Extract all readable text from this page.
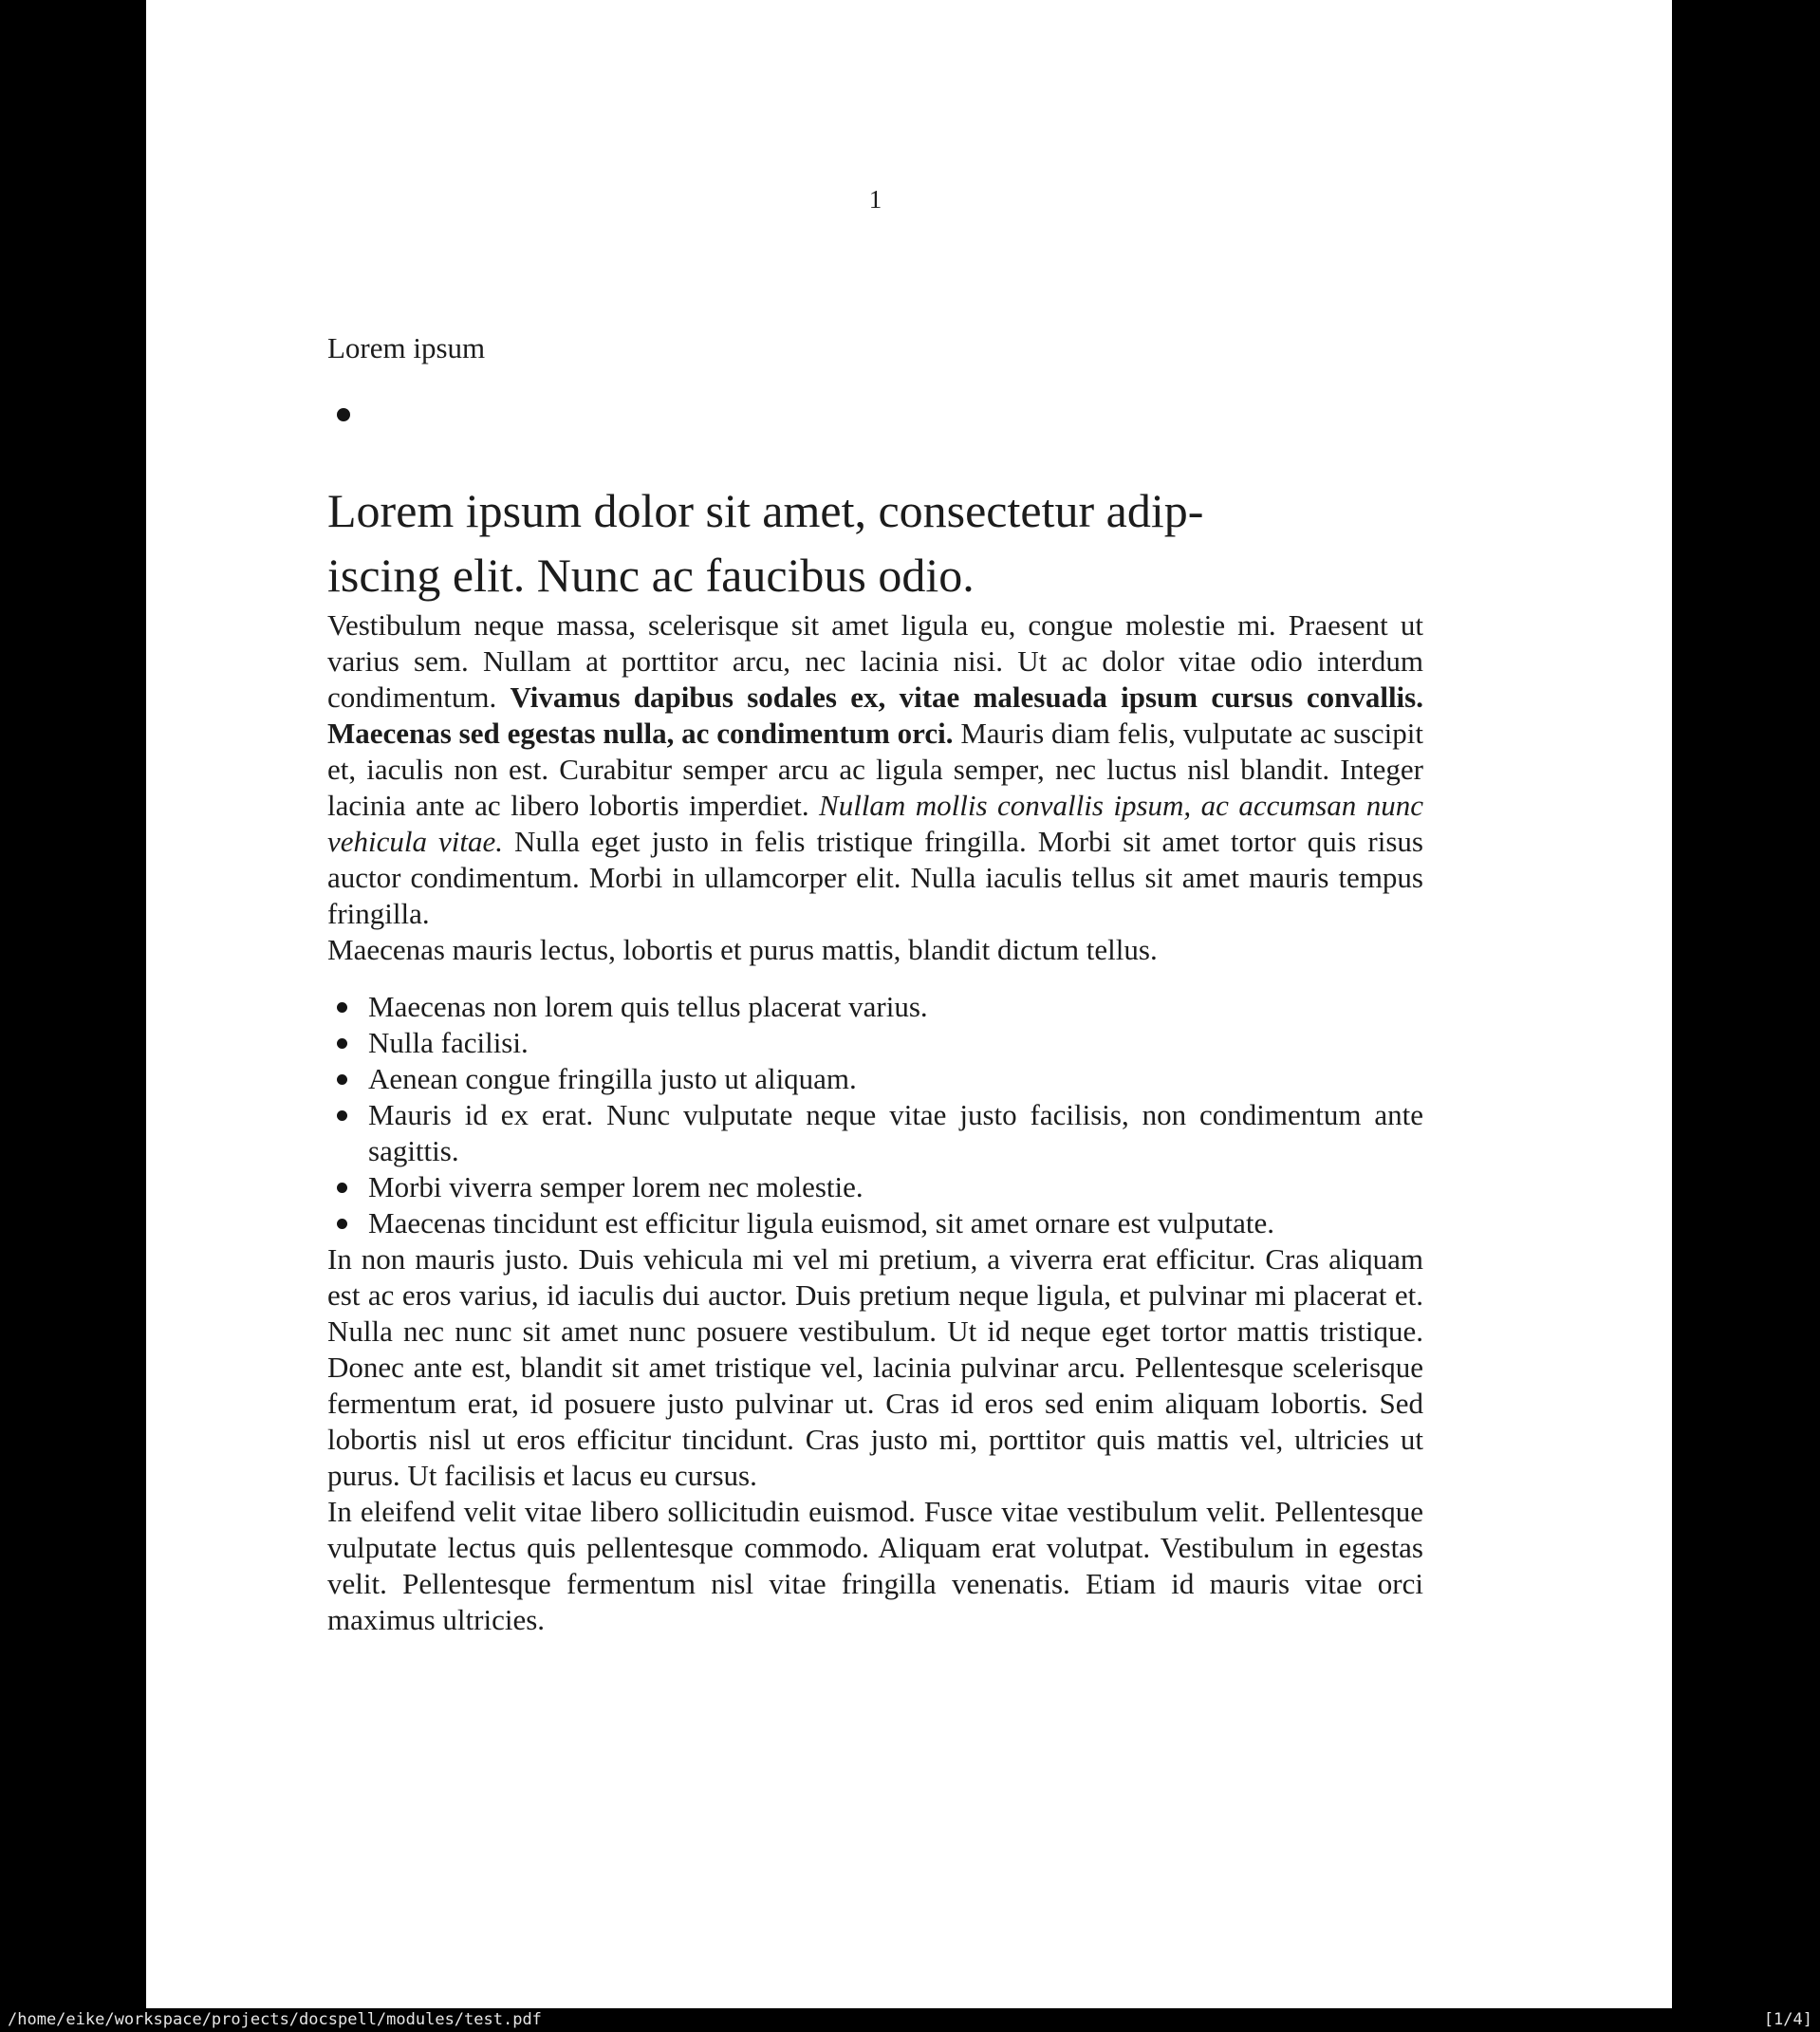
1
Lorem ipsum
Lorem ipsum dolor sit amet, consectetur adip-
iscing elit. Nunc ac faucibus odio.

Vestibulum neque massa, scelerisque sit amet ligula eu, congue molestie mi. Praesent ut varius sem. Nullam at porttitor arcu, nec lacinia nisi. Ut ac dolor vitae odio interdum condimentum. Vivamus dapibus sodales ex, vitae malesuada ipsum cursus convallis. Maecenas sed egestas nulla, ac condimentum orci. Mauris diam felis, vulputate ac suscipit et, iaculis non est. Curabitur semper arcu ac ligula semper, nec luctus nisl blandit. Integer lacinia ante ac libero lobortis imperdiet. Nullam mollis convallis ipsum, ac accumsan nunc vehicula vitae. Nulla eget justo in felis tristique fringilla. Morbi sit amet tortor quis risus auctor condimentum. Morbi in ullamcorper elit. Nulla iaculis tellus sit amet mauris tempus fringilla.

Maecenas mauris lectus, lobortis et purus mattis, blandit dictum tellus.

Maecenas non lorem quis tellus placerat varius.
Nulla facilisi.
Aenean congue fringilla justo ut aliquam.
Mauris id ex erat. Nunc vulputate neque vitae justo facilisis, non condimentum ante sagittis.
Morbi viverra semper lorem nec molestie.
Maecenas tincidunt est efficitur ligula euismod, sit amet ornare est vulputate.

In non mauris justo. Duis vehicula mi vel mi pretium, a viverra erat efficitur. Cras aliquam est ac eros varius, id iaculis dui auctor. Duis pretium neque ligula, et pulvinar mi placerat et. Nulla nec nunc sit amet nunc posuere vestibulum. Ut id neque eget tortor mattis tristique. Donec ante est, blandit sit amet tristique vel, lacinia pulvinar arcu. Pellentesque scelerisque fermentum erat, id posuere justo pulvinar ut. Cras id eros sed enim aliquam lobortis. Sed lobortis nisl ut eros efficitur tincidunt. Cras justo mi, porttitor quis mattis vel, ultricies ut purus. Ut facilisis et lacus eu cursus.

In eleifend velit vitae libero sollicitudin euismod. Fusce vitae vestibulum velit. Pellentesque vulputate lectus quis pellentesque commodo. Aliquam erat volutpat. Vestibulum in egestas velit. Pellentesque fermentum nisl vitae fringilla venenatis. Etiam id mauris vitae orci maximus ultricies.

/home/eike/workspace/projects/docspell/modules/test.pdf	[1/4]
